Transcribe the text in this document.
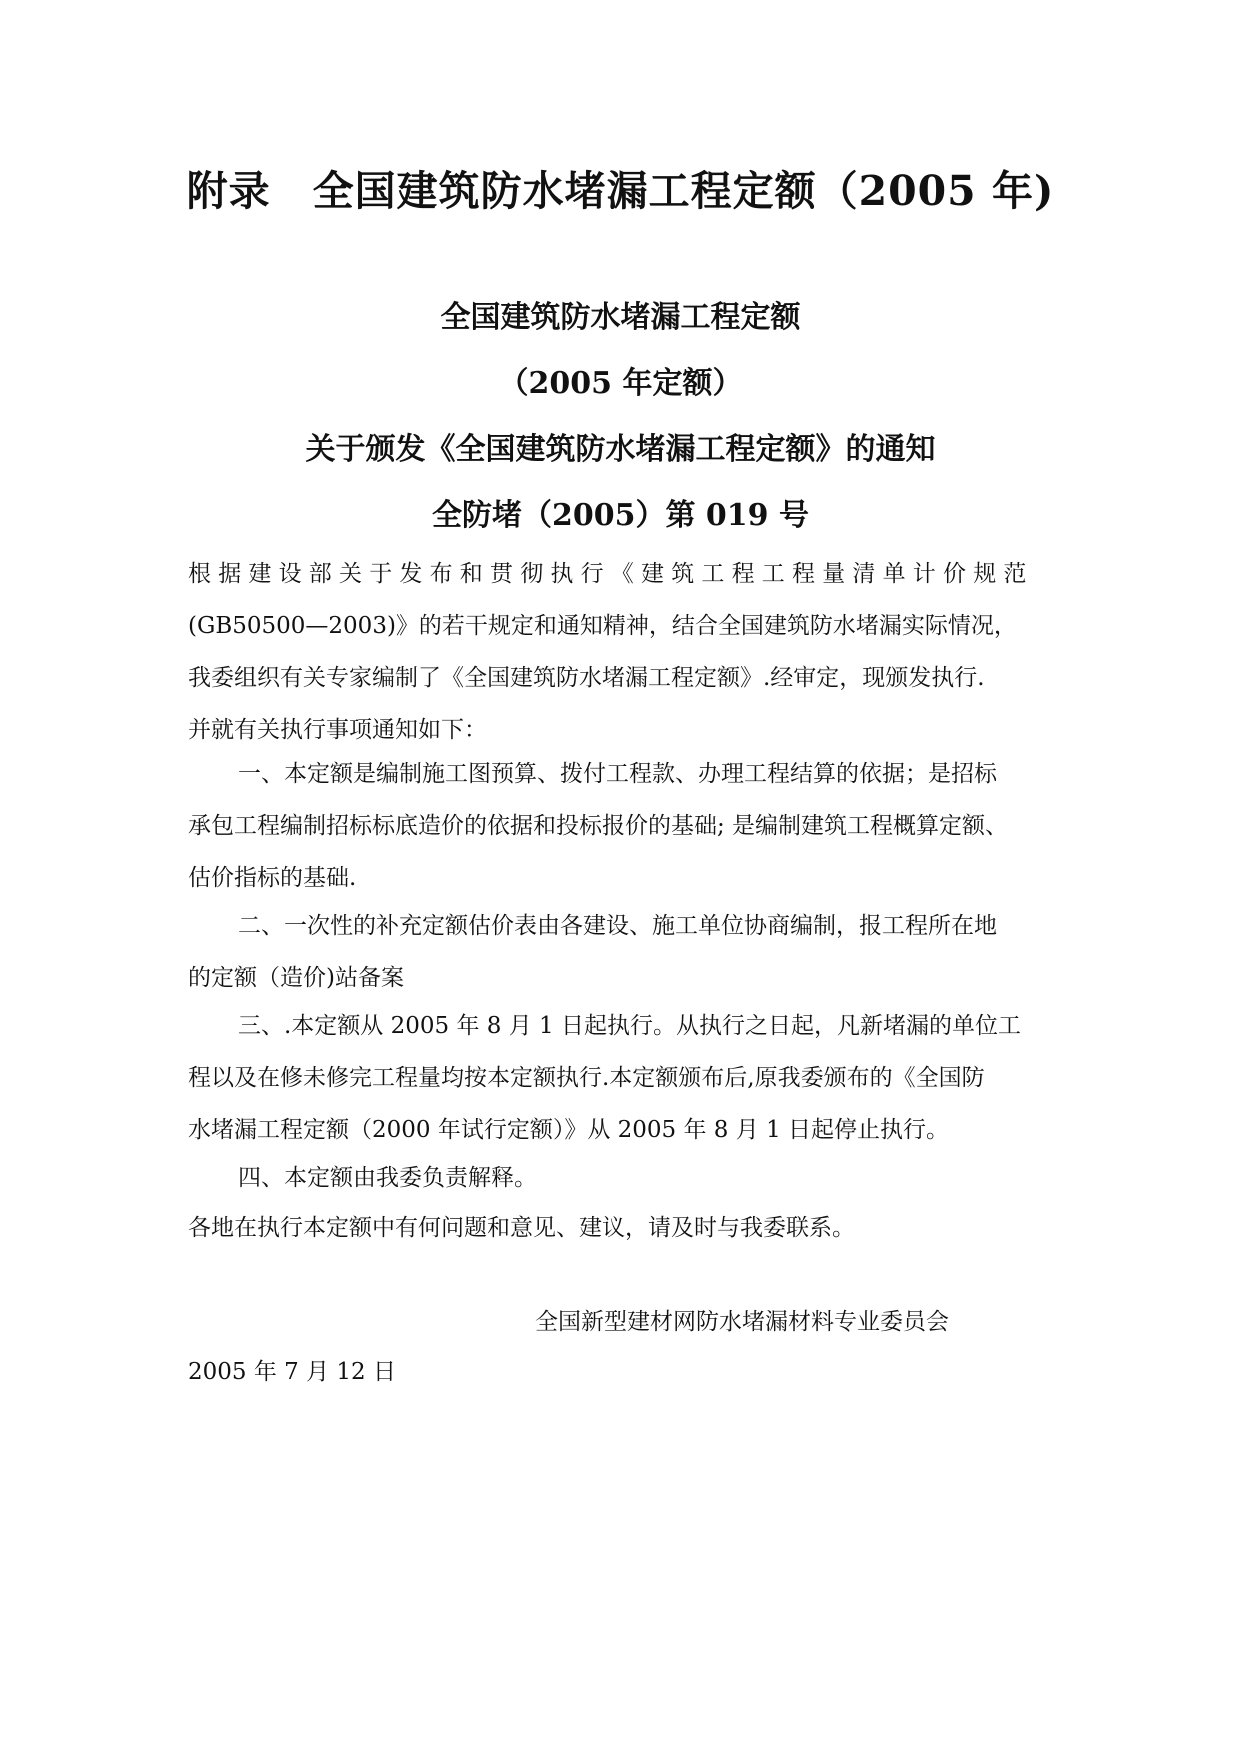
附录　全国建筑防水堵漏工程定额（2005 年)
全国建筑防水堵漏工程定额
（2005 年定额）
关于颁发《全国建筑防水堵漏工程定额》的通知
全防堵（2005）第 019 号
根据建设部关于发布和贯彻执行《建筑工程工程量清单计价规范
(GB50500—2003)》的若干规定和通知精神，结合全国建筑防水堵漏实际情况，
我委组织有关专家编制了《全国建筑防水堵漏工程定额》.经审定，现颁发执行.
并就有关执行事项通知如下：
一、本定额是编制施工图预算、拨付工程款、办理工程结算的依据；是招标
承包工程编制招标标底造价的依据和投标报价的基础; 是编制建筑工程概算定额、
估价指标的基础.
二、一次性的补充定额估价表由各建设、施工单位协商编制，报工程所在地
的定额（造价)站备案
三、.本定额从 2005 年 8 月 1 日起执行。从执行之日起，凡新堵漏的单位工
程以及在修未修完工程量均按本定额执行.本定额颁布后,原我委颁布的《全国防
水堵漏工程定额（2000 年试行定额）》从 2005 年 8 月 1 日起停止执行。
四、本定额由我委负责解释。
各地在执行本定额中有何问题和意见、建议，请及时与我委联系。
全国新型建材网防水堵漏材料专业委员会
2005 年 7 月 12 日
